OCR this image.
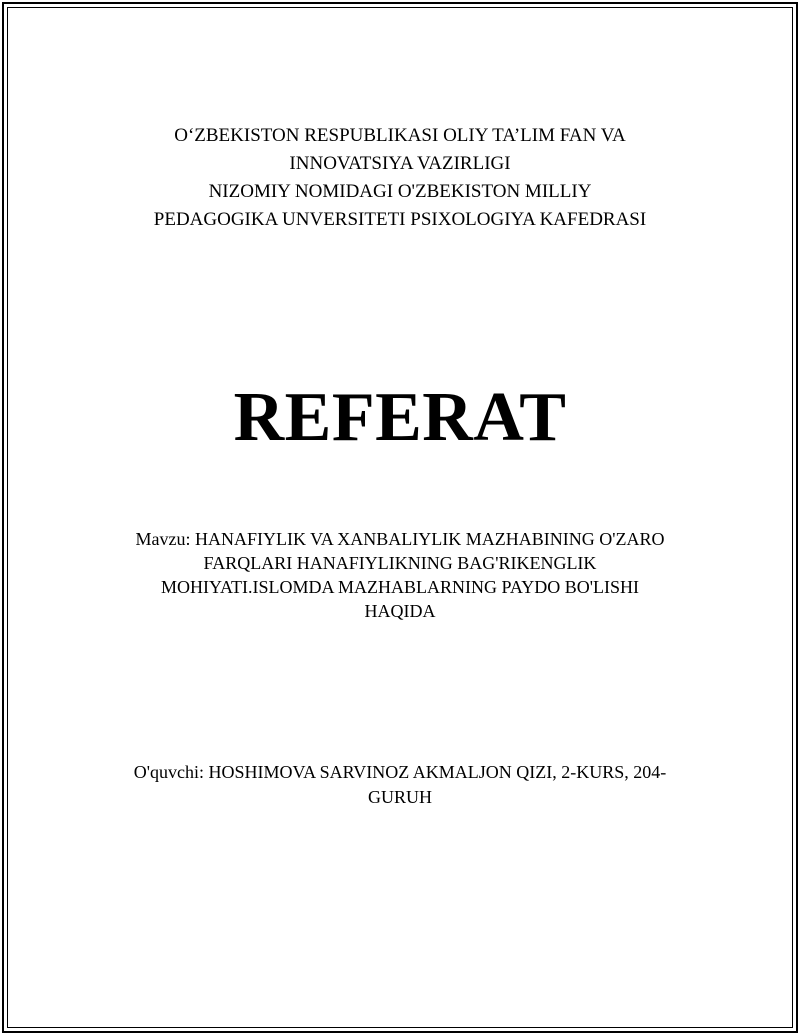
O‘ZBEKISTON RESPUBLIKASI OLIY TA’LIM FAN VA
INNOVATSIYA VAZIRLIGI
NIZOMIY NOMIDAGI O'ZBEKISTON MILLIY
PEDAGOGIKA UNVERSITETI PSIXOLOGIYA KAFEDRASI
REFERAT
Mavzu: HANAFIYLIK VA XANBALIYLIK MAZHABINING O'ZARO
FARQLARI HANAFIYLIKNING BAG'RIKENGLIK
MOHIYATI.ISLOMDA MAZHABLARNING PAYDO BO'LISHI
HAQIDA
O'quvchi: HOSHIMOVA SARVINOZ AKMALJON QIZI, 2-KURS, 204-
GURUH
